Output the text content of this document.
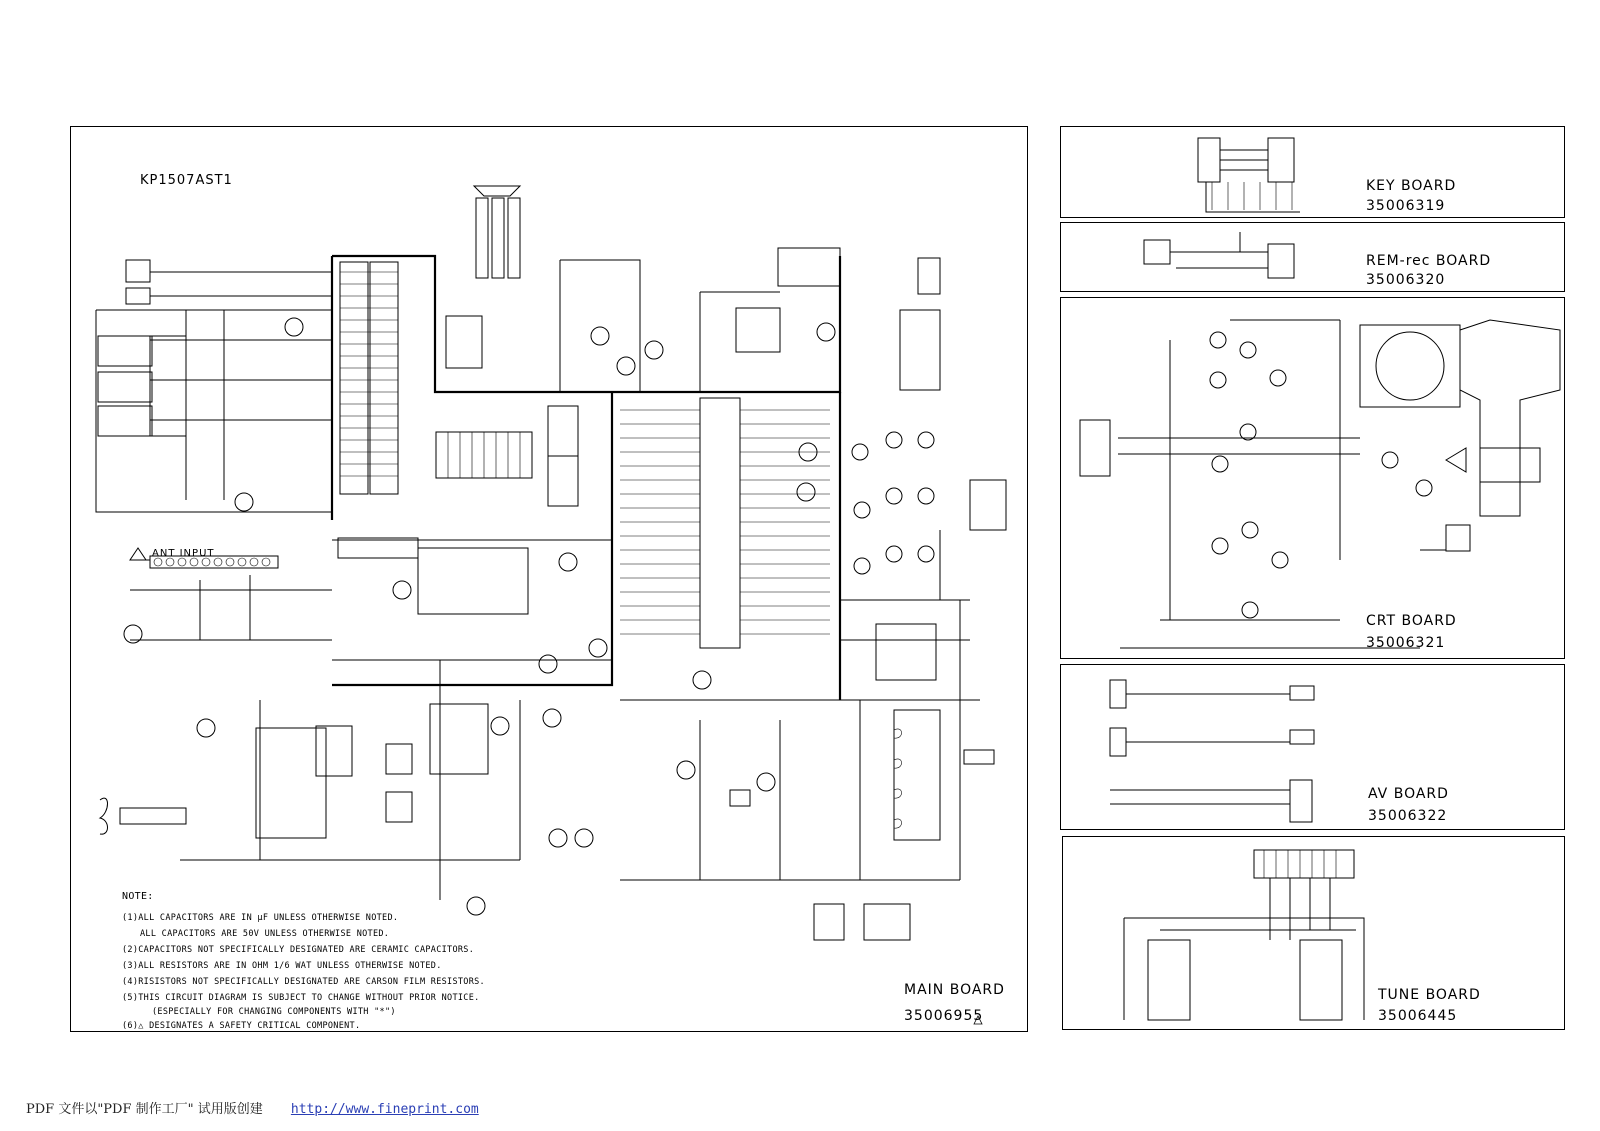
KP1507AST1
ANT INPUT
MAIN BOARD
35006955
NOTE:
(1)ALL CAPACITORS ARE IN μF UNLESS OTHERWISE NOTED.
ALL CAPACITORS ARE 50V UNLESS OTHERWISE NOTED.
(2)CAPACITORS NOT SPECIFICALLY DESIGNATED ARE CERAMIC CAPACITORS.
(3)ALL RESISTORS ARE IN OHM 1/6 WAT UNLESS OTHERWISE NOTED.
(4)RISISTORS NOT SPECIFICALLY DESIGNATED ARE CARSON FILM RESISTORS.
(5)THIS CIRCUIT DIAGRAM IS SUBJECT TO CHANGE WITHOUT PRIOR NOTICE.
(ESPECIALLY FOR CHANGING COMPONENTS WITH "*")
(6)△ DESIGNATES A SAFETY CRITICAL COMPONENT.
KEY BOARD
35006319
REM-rec BOARD
35006320
CRT BOARD
35006321
AV BOARD
35006322
TUNE BOARD
35006445
PDF 文件以"PDF 制作工厂" 试用版创建 http://www.fineprint.com
